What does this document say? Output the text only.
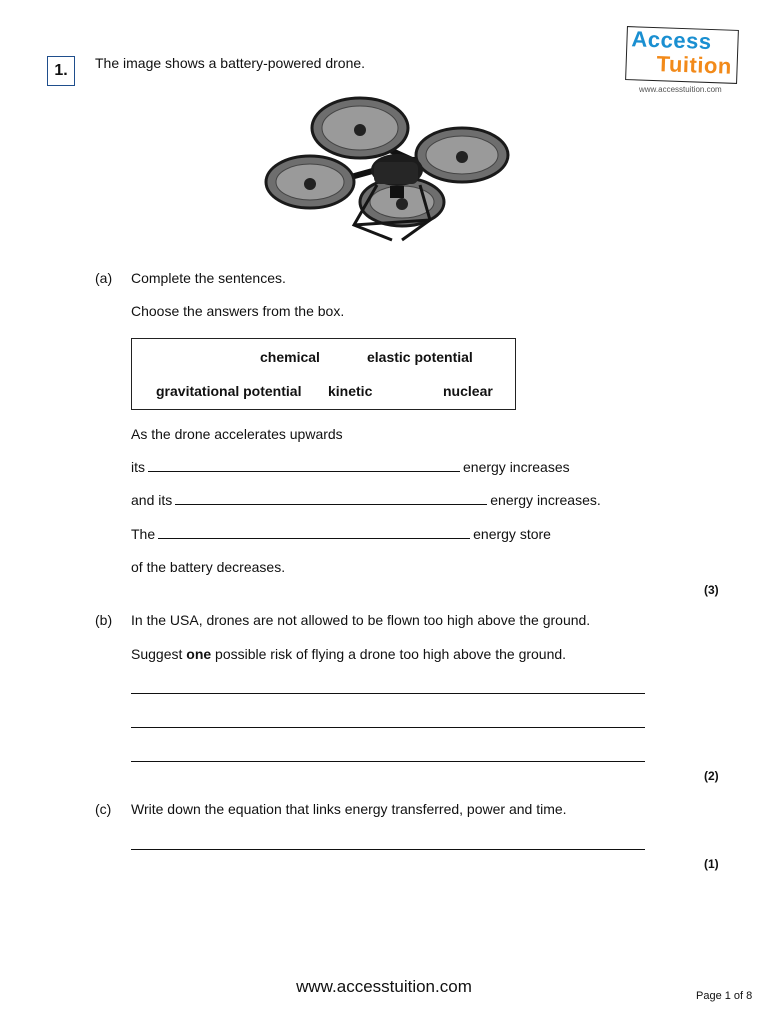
1.	The image shows a battery-powered drone.
Access
Tuition
www.accesstuition.com
(a) Complete the sentences.
Choose the answers from the box.
chemical	elastic potential
gravitational potential kinetic	nuclear
As the drone accelerates upwards
its	energy increases
and its	energy increases.
The	energy store
of the battery decreases.
(3)
(b) In the USA, drones are not allowed to be flown too high above the ground.
Suggest one possible risk of flying a drone too high above the ground.
(2)
(c) Write down the equation that links energy transferred, power and time.
(1)
www.accesstuition.com	Page 1 of 8
